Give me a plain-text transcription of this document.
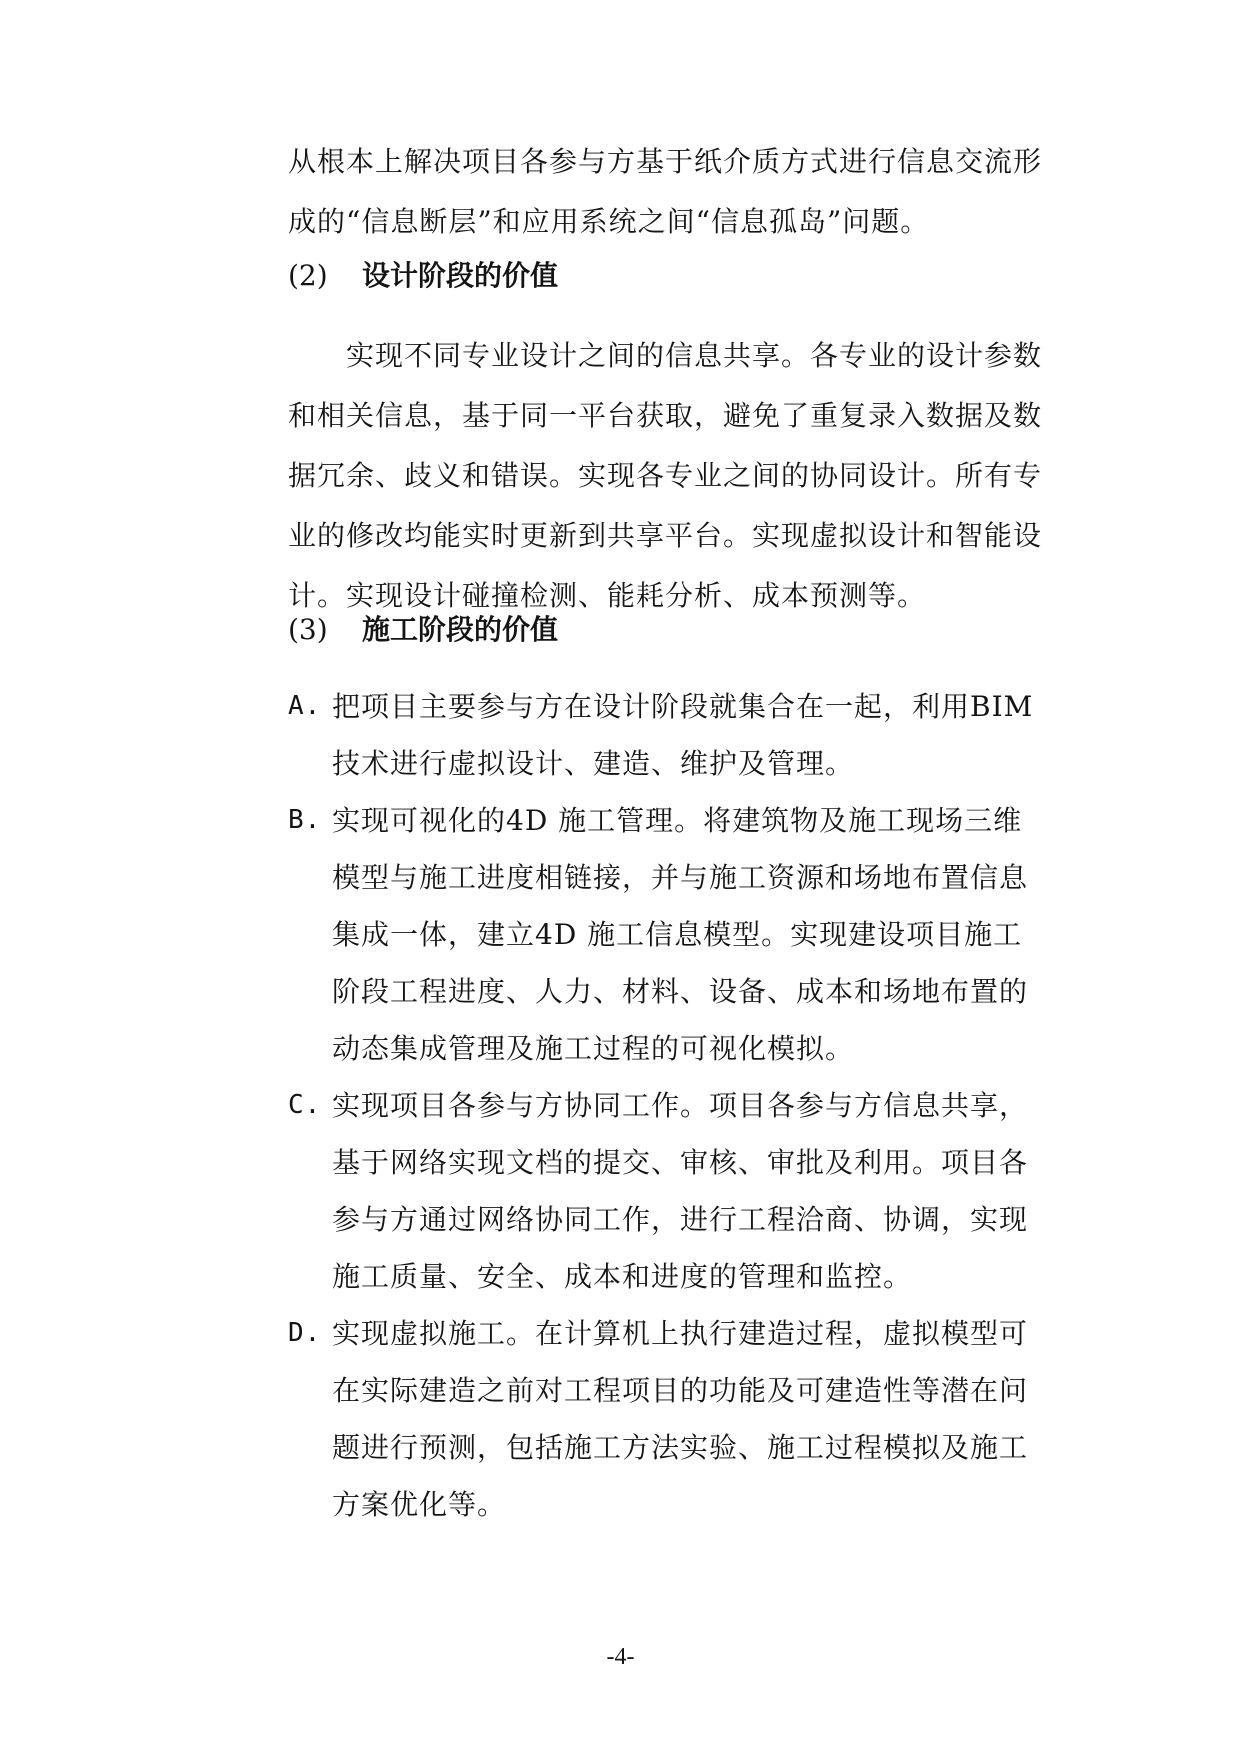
从根本上解决项目各参与方基于纸介质方式进行信息交流形成的“信息断层”和应用系统之间“信息孤岛”问题。

(2) 设计阶段的价值

实现不同专业设计之间的信息共享。各专业的设计参数和相关信息，基于同一平台获取，避免了重复录入数据及数据冗余、歧义和错误。实现各专业之间的协同设计。所有专业的修改均能实时更新到共享平台。实现虚拟设计和智能设计。实现设计碰撞检测、能耗分析、成本预测等。

(3) 施工阶段的价值
A. 把项目主要参与方在设计阶段就集合在一起，利用BIM技术进行虚拟设计、建造、维护及管理。
B. 实现可视化的4D 施工管理。将建筑物及施工现场三维模型与施工进度相链接，并与施工资源和场地布置信息集成一体，建立4D 施工信息模型。实现建设项目施工阶段工程进度、人力、材料、设备、成本和场地布置的动态集成管理及施工过程的可视化模拟。
C. 实现项目各参与方协同工作。项目各参与方信息共享，基于网络实现文档的提交、审核、审批及利用。项目各参与方通过网络协同工作，进行工程洽商、协调，实现施工质量、安全、成本和进度的管理和监控。
D. 实现虚拟施工。在计算机上执行建造过程，虚拟模型可在实际建造之前对工程项目的功能及可建造性等潜在问题进行预测，包括施工方法实验、施工过程模拟及施工方案优化等。
-4-
